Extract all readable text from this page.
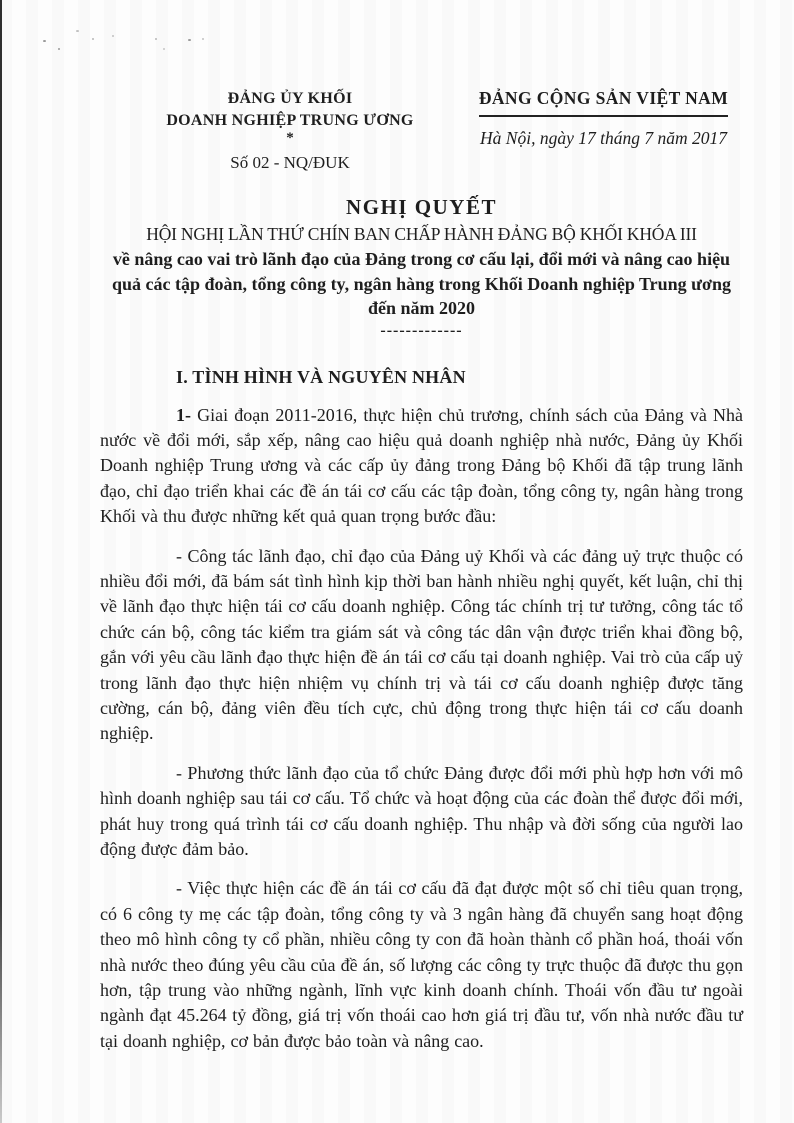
ĐẢNG ỦY KHỐI
DOANH NGHIỆP TRUNG ƯƠNG
*
Số 02 - NQ/ĐUK
ĐẢNG CỘNG SẢN VIỆT NAM
Hà Nội, ngày 17 tháng 7 năm 2017
NGHỊ QUYẾT
HỘI NGHỊ LẦN THỨ CHÍN BAN CHẤP HÀNH ĐẢNG BỘ KHỐI KHÓA III
về nâng cao vai trò lãnh đạo của Đảng trong cơ cấu lại, đổi mới và nâng cao hiệu quả các tập đoàn, tổng công ty, ngân hàng trong Khối Doanh nghiệp Trung ương đến năm 2020
-------------
I. TÌNH HÌNH VÀ NGUYÊN NHÂN

1- Giai đoạn 2011-2016, thực hiện chủ trương, chính sách của Đảng và Nhà nước về đổi mới, sắp xếp, nâng cao hiệu quả doanh nghiệp nhà nước, Đảng ủy Khối Doanh nghiệp Trung ương và các cấp ủy đảng trong Đảng bộ Khối đã tập trung lãnh đạo, chỉ đạo triển khai các đề án tái cơ cấu các tập đoàn, tổng công ty, ngân hàng trong Khối và thu được những kết quả quan trọng bước đầu:

- Công tác lãnh đạo, chỉ đạo của Đảng uỷ Khối và các đảng uỷ trực thuộc có nhiều đổi mới, đã bám sát tình hình kịp thời ban hành nhiều nghị quyết, kết luận, chỉ thị về lãnh đạo thực hiện tái cơ cấu doanh nghiệp. Công tác chính trị tư tưởng, công tác tổ chức cán bộ, công tác kiểm tra giám sát và công tác dân vận được triển khai đồng bộ, gắn với yêu cầu lãnh đạo thực hiện đề án tái cơ cấu tại doanh nghiệp. Vai trò của cấp uỷ trong lãnh đạo thực hiện nhiệm vụ chính trị và tái cơ cấu doanh nghiệp được tăng cường, cán bộ, đảng viên đều tích cực, chủ động trong thực hiện tái cơ cấu doanh nghiệp.

- Phương thức lãnh đạo của tổ chức Đảng được đổi mới phù hợp hơn với mô hình doanh nghiệp sau tái cơ cấu. Tổ chức và hoạt động của các đoàn thể được đổi mới, phát huy trong quá trình tái cơ cấu doanh nghiệp. Thu nhập và đời sống của người lao động được đảm bảo.

- Việc thực hiện các đề án tái cơ cấu đã đạt được một số chỉ tiêu quan trọng, có 6 công ty mẹ các tập đoàn, tổng công ty và 3 ngân hàng đã chuyển sang hoạt động theo mô hình công ty cổ phần, nhiều công ty con đã hoàn thành cổ phần hoá, thoái vốn nhà nước theo đúng yêu cầu của đề án, số lượng các công ty trực thuộc đã được thu gọn hơn, tập trung vào những ngành, lĩnh vực kinh doanh chính. Thoái vốn đầu tư ngoài ngành đạt 45.264 tỷ đồng, giá trị vốn thoái cao hơn giá trị đầu tư, vốn nhà nước đầu tư tại doanh nghiệp, cơ bản được bảo toàn và nâng cao.
